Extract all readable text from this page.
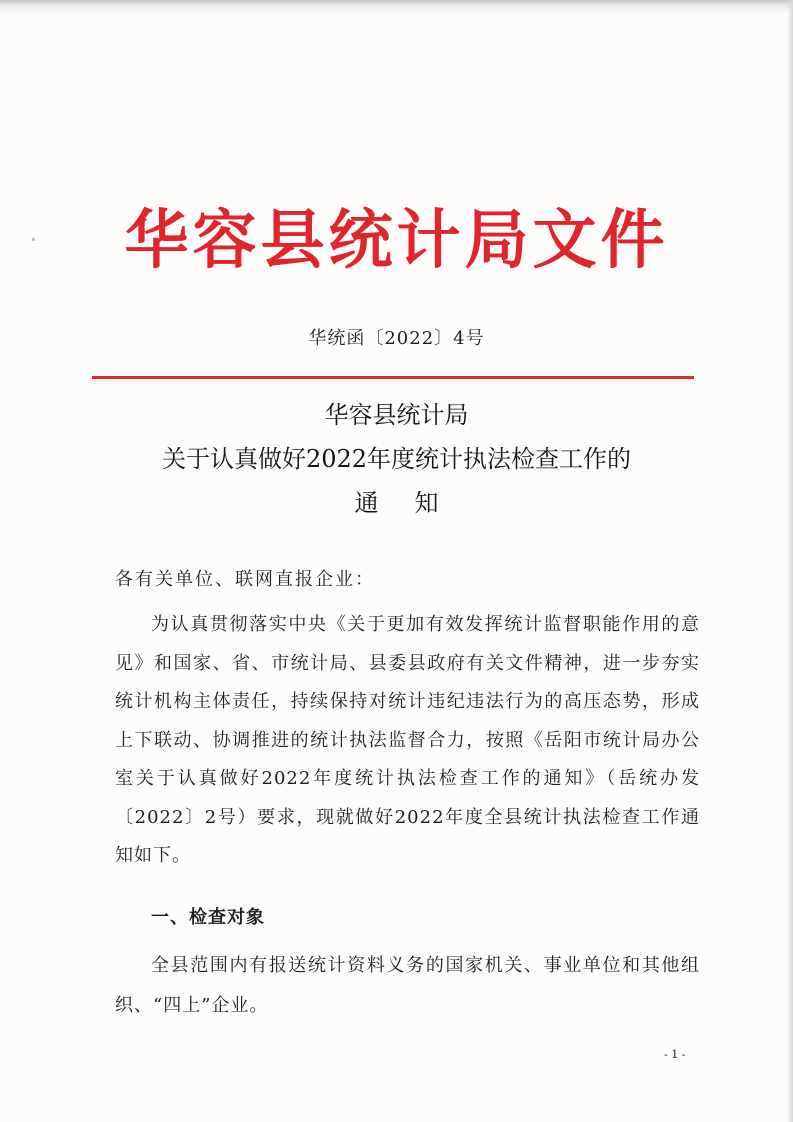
华容县统计局文件
华统函〔2022〕4号
华容县统计局
关于认真做好2022年度统计执法检查工作的
通知
各有关单位、联网直报企业：
为认真贯彻落实中央《关于更加有效发挥统计监督职能作用的意见》和国家、省、市统计局、县委县政府有关文件精神，进一步夯实统计机构主体责任，持续保持对统计违纪违法行为的高压态势，形成上下联动、协调推进的统计执法监督合力，按照《岳阳市统计局办公室关于认真做好2022年度统计执法检查工作的通知》（岳统办发〔2022〕2号）要求，现就做好2022年度全县统计执法检查工作通知如下。
一、检查对象
全县范围内有报送统计资料义务的国家机关、事业单位和其他组织、“四上”企业。
- 1 -
